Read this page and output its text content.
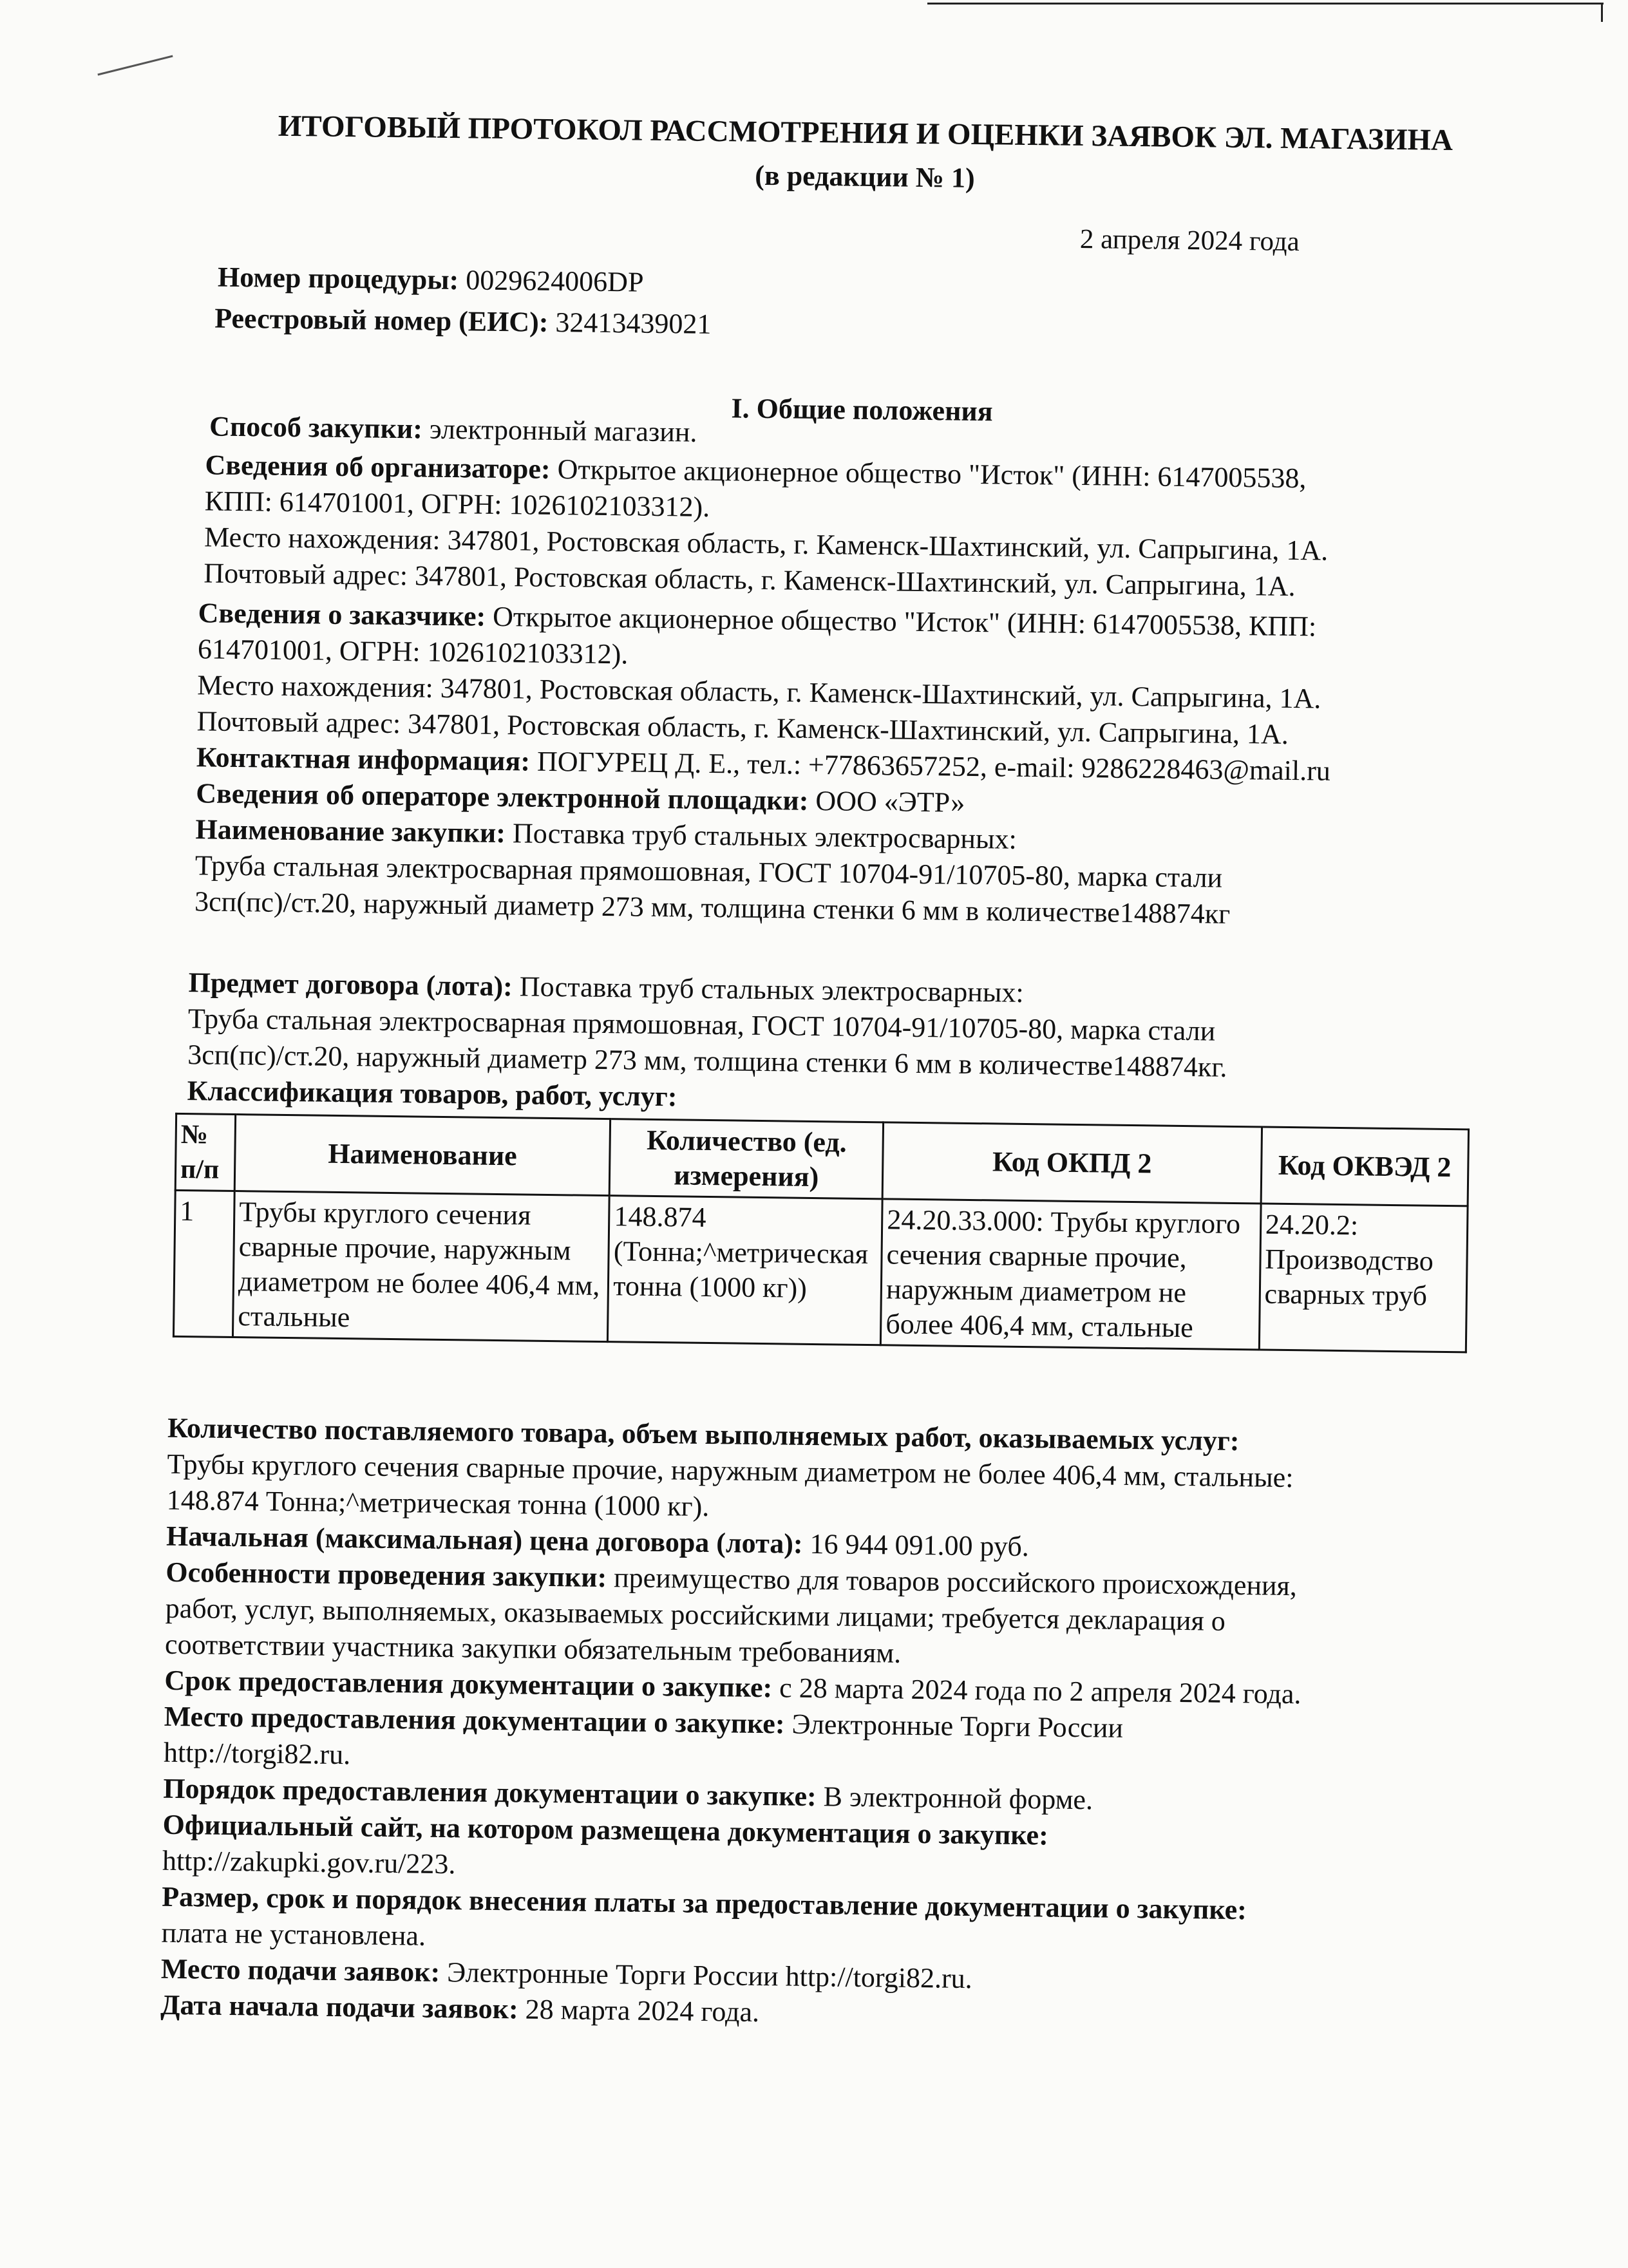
ИТОГОВЫЙ ПРОТОКОЛ РАССМОТРЕНИЯ И ОЦЕНКИ ЗАЯВОК ЭЛ. МАГАЗИНА
(в редакции № 1)
2 апреля 2024 года
Номер процедуры: 0029624006DP
Реестровый номер (ЕИС): 32413439021
I. Общие положения
Способ закупки: электронный магазин.
Сведения об организаторе: Открытое акционерное общество "Исток" (ИНН: 6147005538,
КПП: 614701001, ОГРН: 1026102103312).
Место нахождения: 347801, Ростовская область, г. Каменск-Шахтинский, ул. Сапрыгина, 1А.
Почтовый адрес: 347801, Ростовская область, г. Каменск-Шахтинский, ул. Сапрыгина, 1А.
Сведения о заказчике: Открытое акционерное общество "Исток" (ИНН: 6147005538, КПП:
614701001, ОГРН: 1026102103312).
Место нахождения: 347801, Ростовская область, г. Каменск-Шахтинский, ул. Сапрыгина, 1А.
Почтовый адрес: 347801, Ростовская область, г. Каменск-Шахтинский, ул. Сапрыгина, 1А.
Контактная информация: ПОГУРЕЦ Д. Е., тел.: +77863657252, e-mail: 9286228463@mail.ru
Сведения об операторе электронной площадки: ООО «ЭТР»
Наименование закупки: Поставка труб стальных электросварных:
Труба стальная электросварная прямошовная, ГОСТ 10704-91/10705-80, марка стали
3сп(пс)/ст.20, наружный диаметр 273 мм, толщина стенки 6 мм в количестве148874кг
Предмет договора (лота): Поставка труб стальных электросварных:
Труба стальная электросварная прямошовная, ГОСТ 10704-91/10705-80, марка стали
3сп(пс)/ст.20, наружный диаметр 273 мм, толщина стенки 6 мм в количестве148874кг.
Классификация товаров, работ, услуг:
№ п/п	Наименование	Количество (ед. измерения)	Код ОКПД 2	Код ОКВЭД 2
1	Трубы круглого сечения сварные прочие, наружным диаметром не более 406,4 мм, стальные	148.874 (Тонна;^метрическая тонна (1000 кг))	24.20.33.000: Трубы круглого сечения сварные прочие, наружным диаметром не более 406,4 мм, стальные	24.20.2: Производство сварных труб
Количество поставляемого товара, объем выполняемых работ, оказываемых услуг:
Трубы круглого сечения сварные прочие, наружным диаметром не более 406,4 мм, стальные:
148.874 Тонна;^метрическая тонна (1000 кг).
Начальная (максимальная) цена договора (лота): 16 944 091.00 руб.
Особенности проведения закупки: преимущество для товаров российского происхождения,
работ, услуг, выполняемых, оказываемых российскими лицами; требуется декларация о
соответствии участника закупки обязательным требованиям.
Срок предоставления документации о закупке: с 28 марта 2024 года по 2 апреля 2024 года.
Место предоставления документации о закупке: Электронные Торги России
http://torgi82.ru.
Порядок предоставления документации о закупке: В электронной форме.
Официальный сайт, на котором размещена документация о закупке:
http://zakupki.gov.ru/223.
Размер, срок и порядок внесения платы за предоставление документации о закупке:
плата не установлена.
Место подачи заявок: Электронные Торги России http://torgi82.ru.
Дата начала подачи заявок: 28 марта 2024 года.
